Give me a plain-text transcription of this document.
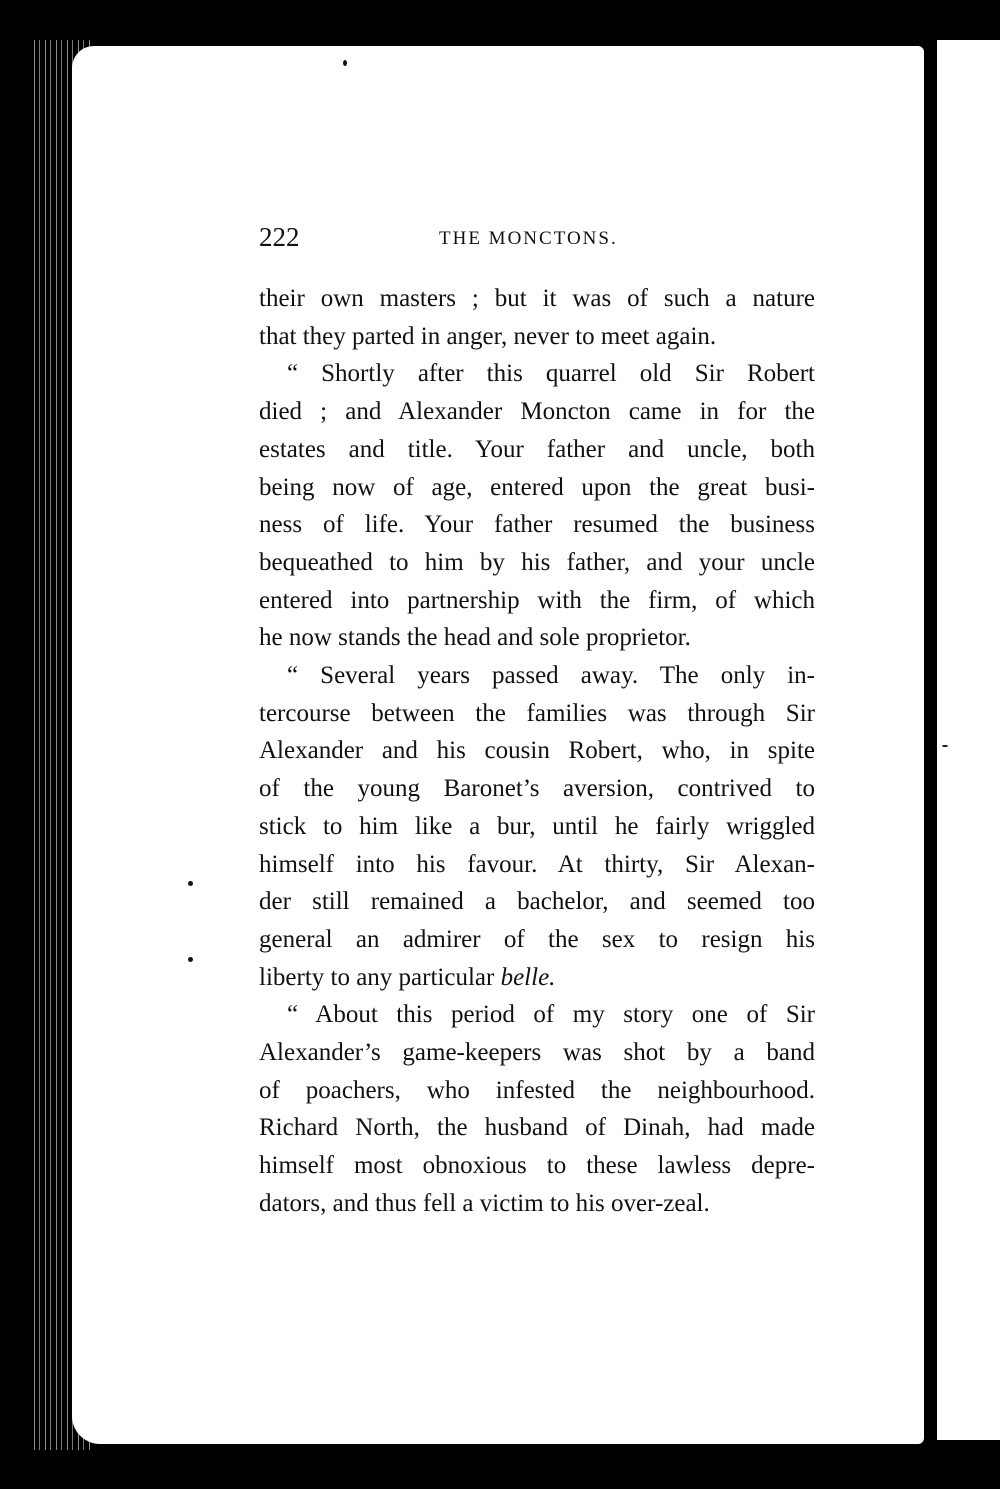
222	THE MONCTONS.
their own masters ; but it was of such a nature
that they parted in anger, never to meet again.
“ Shortly after this quarrel old Sir Robert
died ; and Alexander Moncton came in for the
estates and title. Your father and uncle, both
being now of age, entered upon the great busi-
ness of life. Your father resumed the business
bequeathed to him by his father, and your uncle
entered into partnership with the firm, of which
he now stands the head and sole proprietor.
“ Several years passed away. The only in-
tercourse between the families was through Sir
Alexander and his cousin Robert, who, in spite
of the young Baronet’s aversion, contrived to
stick to him like a bur, until he fairly wriggled
himself into his favour. At thirty, Sir Alexan-
der still remained a bachelor, and seemed too
general an admirer of the sex to resign his
liberty to any particular belle.
“ About this period of my story one of Sir
Alexander’s game-keepers was shot by a band
of poachers, who infested the neighbourhood.
Richard North, the husband of Dinah, had made
himself most obnoxious to these lawless depre-
dators, and thus fell a victim to his over-zeal.
